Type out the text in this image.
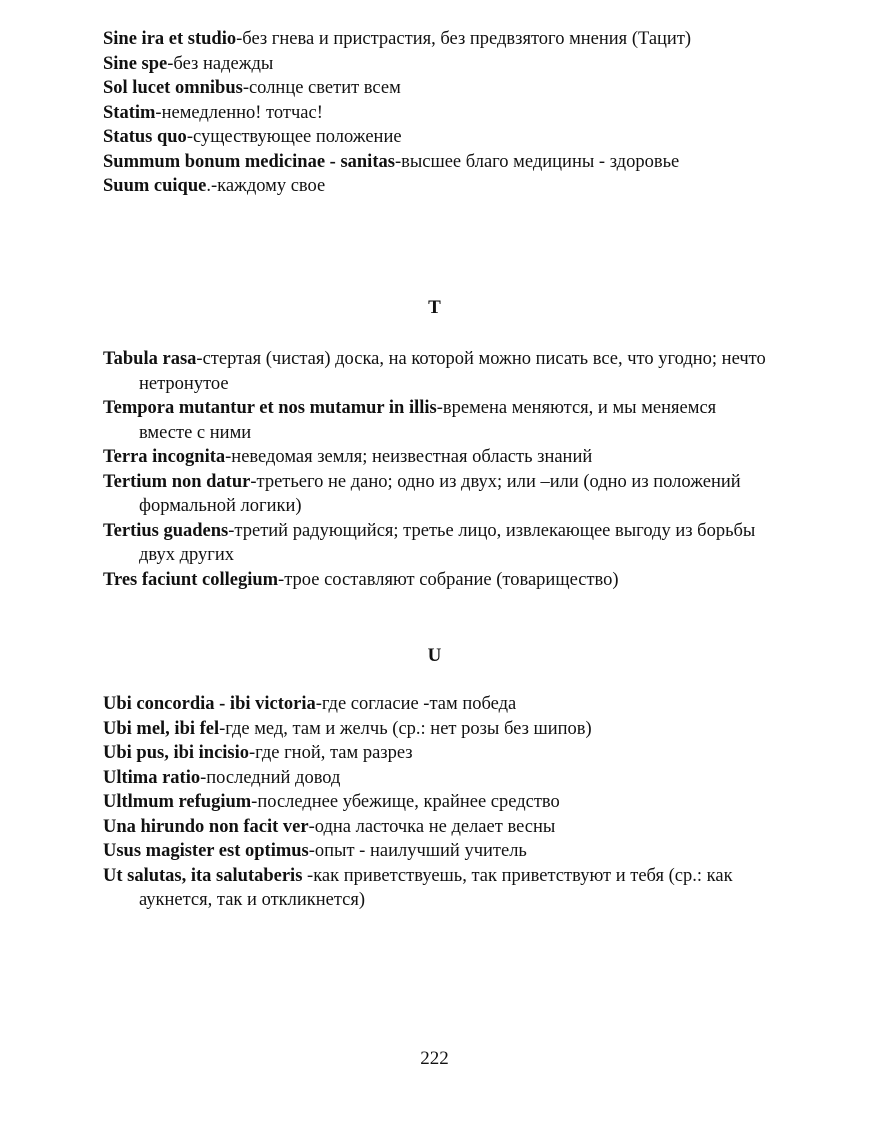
Sine ira et studio-без гнева и пристрастия, без предвзятого мнения (Тацит)

Sine spe-без надежды

Sol lucet omnibus-солнце светит всем

Statim-немедленно! тотчас!

Status quo-существующее положение

Summum bonum medicinae - sanitas-высшее благо медицины - здоровье

Suum cuique.-каждому свое

T

Tabula rasa-стертая (чистая) доска, на которой можно писать все, что угодно; нечто нетронутое

Tempora mutantur et nos mutamur in illis-времена меняются, и мы меняемся вместе с ними

Terra incognita-неведомая земля; неизвестная область знаний

Tertium non datur-третьего не дано; одно из двух; или –или (одно из положений формальной логики)

Tertius guadens-третий радующийся; третье лицо, извлекающее выгоду из борьбы двух других

Tres faciunt collegium-трое составляют собрание (товарищество)

U

Ubi concordia - ibi victoria-где согласие -там победа

Ubi mel, ibi fel-где мед, там и желчь (ср.: нет розы без шипов)

Ubi pus, ibi incisio-где гной, там разрез

Ultima ratio-последний довод

Ultlmum refugium-последнее убежище, крайнее средство

Una hirundo non facit ver-одна ласточка не делает весны

Usus magister est optimus-опыт - наилучший учитель

Ut salutas, ita salutaberis -как приветствуешь, так приветствуют и тебя (ср.: как аукнется, так и откликнется)

222
